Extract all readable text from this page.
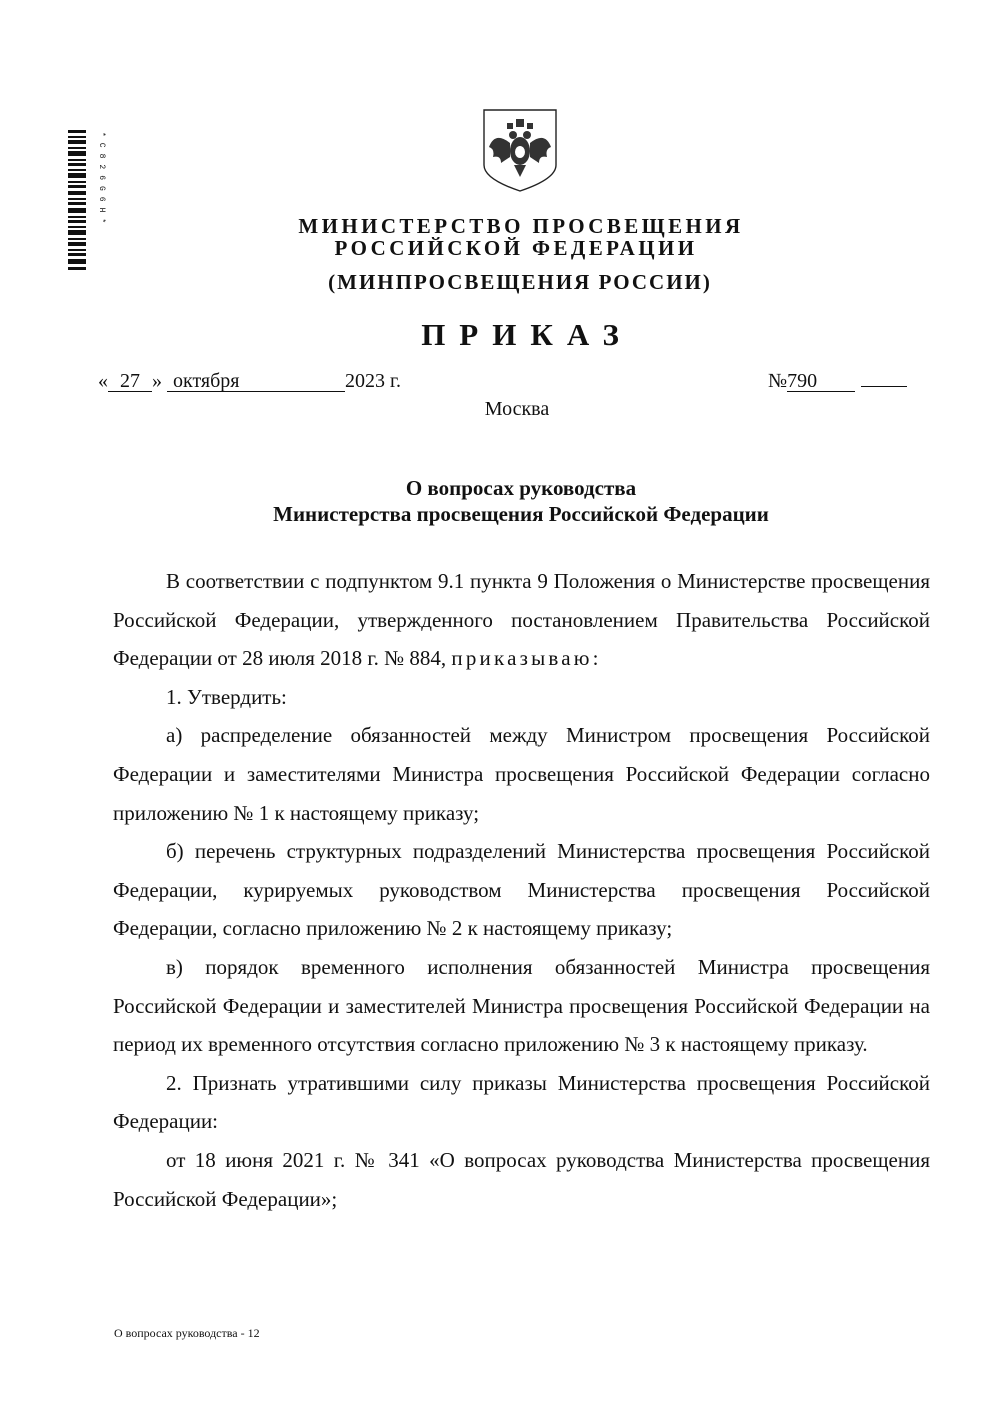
*C826G6H*	МИНИСТЕРСТВО ПРОСВЕЩЕНИЯ
РОССИЙСКОЙ ФЕДЕРАЦИИ
(МИНПРОСВЕЩЕНИЯ РОССИИ)
ПРИКАЗ
« 27 » октября	2023 г.	№790
Москва
О вопросах руководства
Министерства просвещения Российской Федерации

В соответствии с подпунктом 9.1 пункта 9 Положения о Министерстве просвещения Российской Федерации, утвержденного постановлением Правительства Российской Федерации от 28 июля 2018 г. № 884, приказываю:

1. Утвердить:

а) распределение обязанностей между Министром просвещения Российской Федерации и заместителями Министра просвещения Российской Федерации согласно приложению № 1 к настоящему приказу;

б) перечень структурных подразделений Министерства просвещения Российской Федерации, курируемых руководством Министерства просвещения Российской Федерации, согласно приложению № 2 к настоящему приказу;

в) порядок временного исполнения обязанностей Министра просвещения Российской Федерации и заместителей Министра просвещения Российской Федерации на период их временного отсутствия согласно приложению № 3 к настоящему приказу.

2. Признать утратившими силу приказы Министерства просвещения Российской Федерации:

от 18 июня 2021 г. № 341 «О вопросах руководства Министерства просвещения Российской Федерации»;

О вопросах руководства - 12
